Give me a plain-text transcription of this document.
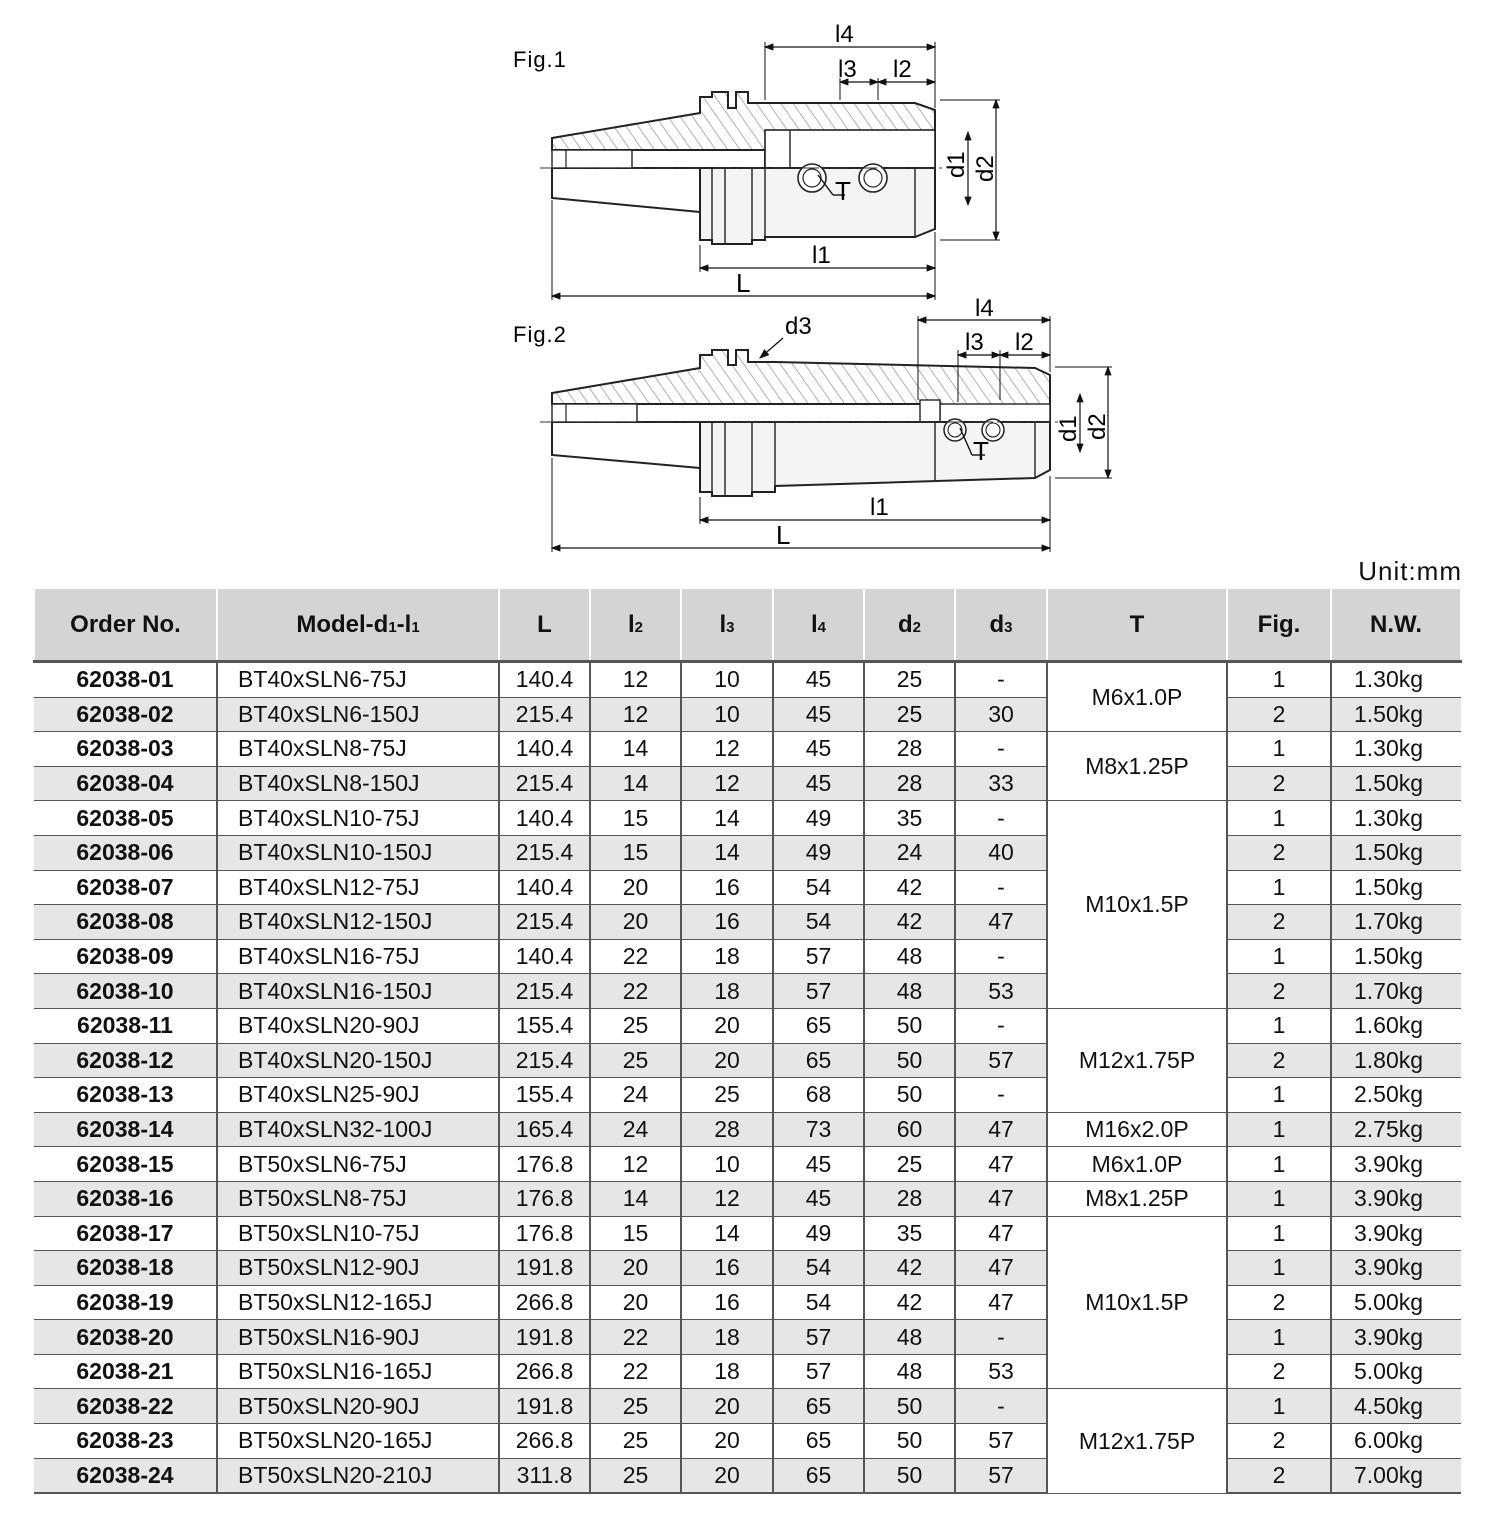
Fig.1
T
l4
l3 l2
l1
L
d1 d2
Fig.2
T
d3
l4
l3 l2
l1
L
d1 d2
Unit:mm
Order No.	Model-d1-l1	L	l2	l3	l4	d2	d3	T	Fig.	N.W.
62038-01	BT40xSLN6-75J	140.4	12	10	45	25	-	M6x1.0P	1	1.30kg
62038-02	BT40xSLN6-150J	215.4	12	10	45	25	30		2	1.50kg
62038-03	BT40xSLN8-75J	140.4	14	12	45	28	-	M8x1.25P	1	1.30kg
62038-04	BT40xSLN8-150J	215.4	14	12	45	28	33		2	1.50kg
62038-05	BT40xSLN10-75J	140.4	15	14	49	35	-	M10x1.5P	1	1.30kg
62038-06	BT40xSLN10-150J	215.4	15	14	49	24	40		2	1.50kg
62038-07	BT40xSLN12-75J	140.4	20	16	54	42	-		1	1.50kg
62038-08	BT40xSLN12-150J	215.4	20	16	54	42	47		2	1.70kg
62038-09	BT40xSLN16-75J	140.4	22	18	57	48	-		1	1.50kg
62038-10	BT40xSLN16-150J	215.4	22	18	57	48	53		2	1.70kg
62038-11	BT40xSLN20-90J	155.4	25	20	65	50	-	M12x1.75P	1	1.60kg
62038-12	BT40xSLN20-150J	215.4	25	20	65	50	57		2	1.80kg
62038-13	BT40xSLN25-90J	155.4	24	25	68	50	-		1	2.50kg
62038-14	BT40xSLN32-100J	165.4	24	28	73	60	47	M16x2.0P	1	2.75kg
62038-15	BT50xSLN6-75J	176.8	12	10	45	25	47	M6x1.0P	1	3.90kg
62038-16	BT50xSLN8-75J	176.8	14	12	45	28	47	M8x1.25P	1	3.90kg
62038-17	BT50xSLN10-75J	176.8	15	14	49	35	47	M10x1.5P	1	3.90kg
62038-18	BT50xSLN12-90J	191.8	20	16	54	42	47		1	3.90kg
62038-19	BT50xSLN12-165J	266.8	20	16	54	42	47		2	5.00kg
62038-20	BT50xSLN16-90J	191.8	22	18	57	48	-		1	3.90kg
62038-21	BT50xSLN16-165J	266.8	22	18	57	48	53		2	5.00kg
62038-22	BT50xSLN20-90J	191.8	25	20	65	50	-	M12x1.75P	1	4.50kg
62038-23	BT50xSLN20-165J	266.8	25	20	65	50	57		2	6.00kg
62038-24	BT50xSLN20-210J	311.8	25	20	65	50	57		2	7.00kg
